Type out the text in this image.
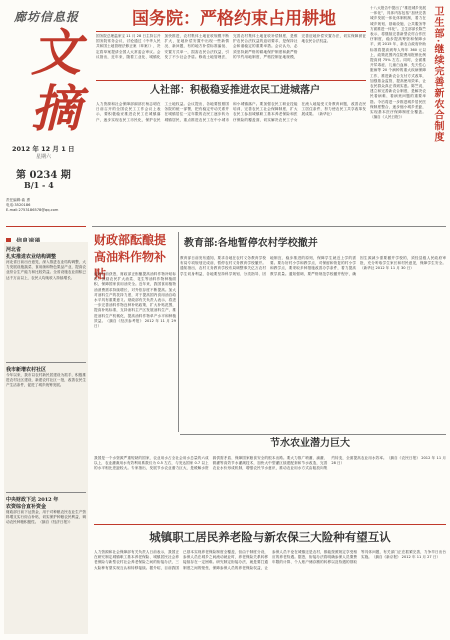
廊坊信息报
文摘
2012 年 12 月 1 日
星期六
第 0234 期
B/1 - 4
责任编辑:曲 勇
电话:3520186
E-mail:2753186578@qq.com
河北省
扎实推进农业结构调整
河北省日前出台意见，深入推进农业结构调整，大力发展设施蔬菜、食用菌和特色果品产业，提高农业综合生产能力和比较效益。全省设施农业面积已达千万亩以上，农民人均纯收入持续增长。
我市新增农村社区
今年以来，我市以农村新民居建设为抓手，积极推进农村社区建设，新建农村社区一批，改善农民生产生活条件，促进了城乡统筹发展。
中央财政下达 2012 年
农资综合直补资金
财政部日前下达资金，用于对种粮农民农业生产资料增支实行综合补贴，切实保护种粮农民利益，调动农民种粮积极性。（摘自《经济日报》）
国务院：严格约束占用耕地
国务院总理温家宝 11 月 28 日主持召开国务院常务会议，讨论通过《中华人民共和国土地管理法修正案（草案）》，决定将草案提请全国人大常委会审议。会议指出，近年来，随着工业化、城镇化加快推进，农村集体土地征收规模不断扩大，征地补偿安置中出现一些新情况、新问题，有的地方补偿标准偏低、安置方式单一，损害农民合法权益，引发了不少社会矛盾。修改土地管理法，完善农村集体土地征收补偿制度，是维护农民合法权益的迫切要求，是保持社会和谐稳定的重要举措。会议认为，必须坚持最严格的耕地保护制度和最严格的节约用地制度，严格控制征地规模，完善征地补偿安置办法，切实保障被征地农民合法权益。
十八大报告中提出了“推进城乡发展一体化”，具体内容包括“加快完善城乡发展一体化体制机制，着力在城乡规划、基础设施、公共服务等方面推进一体化”。卫生部部长陈竺表示，将继续完善新型农村合作医疗制度，稳步提高筹资和保障水平，到 2015 年，新农合政府补助标准将提高到每人每年 360 元以上，政策范围内住院费用报销比例提高到 75% 左右。同时，全面推开尿毒症、儿童白血病、先天性心脏病等 20 个病种的重大疾病保障工作，推进新农合支付方式改革，加强基金监管，提高使用效率，让农民群众真正得到实惠。陈竺说，建立和完善新农合制度，是解决农民看病难、看病贵问题的重要举措。今后将进一步推进城乡居民医保制度整合，逐步缩小城乡差距，实现基本医疗保障制度全覆盖。（摘自《人民日报》）	卫生部·继续完善新农合制度
人社部：积极稳妥推进农民工进城落户
人力资源和社会保障部副部长杨志明在日前召开的全国农民工工作会议上表示，要积极稳妥推进农民工在城镇落户，逐步实现农民工市民化，保护农民工土地权益。会议提出，各地要按照国务院的统一部署，把有稳定劳动关系并在城镇居住一定年限的农民工逐步转为城镇居民，重点推进农民工在中小城市和小城镇落户。要加强农民工职业技能培训，完善农民工社会保障制度，扩大农民工参加城镇职工基本养老保险和医疗保险的覆盖面，切实解决农民工子女在流入地接受义务教育问题，改善农民工居住条件，努力使农民工共享改革发展成果。（新华社）
财政部酝酿提高油料作物补贴
记者日前获悉，财政部正酝酿提高油料作物补贴标准，鼓励农民扩大油菜、花生等油料作物种植面积，保障国家食用油安全。近年来，我国食用植物油消费需求持续增长，对外依存度不断提高。加大对油料生产的扶持力度，对于提高国内食用油自给水平具有重要意义。财政部有关负责人表示，将进一步完善油料作物良种补贴政策，扩大补贴范围，提高补贴标准，支持油料主产区发展油料生产，推进油料生产机械化，提高油料作物单产水平和种植效益。（摘自《经济参考报》 2012 年 11 月 29 日）
教育部:各地暂停农村学校撤并
教育部日前发布通知，要求各地在农村义务教育学校布局专项规划完成前，暂停农村义务教育学校撤并。通知指出，农村义务教育学校布局调整事关亿万农村学生切身利益，各地要坚持科学规划、分类指导、因地制宜、稳步推进的原则，保障学生就近上学的需要。要办好村小学和教学点，对保留和恢复的村小学和教学点，要采取多种措施改善办学条件，着力提高教学质量。通知强调，要严格规范学校撤并程序，确因生源减少需要撤并学校的，须经县级人民政府审批，充分听取学生家长和村民意见，保障学生安全。（新华社 2012 年 11 月 30 日）
节水农业潜力巨大
我国是一个水资源严重短缺的国家，农业用水占全社会用水总量的六成以上，农业灌溉用水有效利用系数仅为 0.5 左右，与发达国家 0.7 以上的水平相比差距较大。专家指出，发展节水农业潜力巨大，是缓解水资源供需矛盾、保障国家粮食安全的根本出路。要大力推广喷灌、滴灌、微灌等高效节水灌溉技术，加快大中型灌区续建配套和节水改造，完善农业水价形成机制，增强农民节水意识，推动农业用水方式由粗放向集约转变，全面提高农业用水效率。（摘自《农民日报》 2012 年 11 月 28 日）
城镇职工居民养老险与新农保三大险种有望互认
人力资源和社会保障部有关负责人日前表示，我国正在研究制定城镇职工基本养老保险、城镇居民社会养老保险与新型农村社会养老保险之间的衔接办法，三大险种有望实现互认和转移接续。据介绍，目前我国已基本实现养老保险制度全覆盖，但由于制度分设，参保人员在城乡之间流动就业时，养老保险关系转移接续存在一定困难。研究制定衔接办法，就是要打通制度之间的壁垒，保障参保人员的养老保险权益，让参保人员不论在城镇还是农村，都能按照规定享受相应的养老待遇。据悉，衔接办法将明确参保人员缴费年限的计算、个人账户储存额的转移以及待遇的领取等具体问题，有关部门正在抓紧完善，力争早日出台实施。（摘自《新京报》 2012 年 11 月 27 日）
